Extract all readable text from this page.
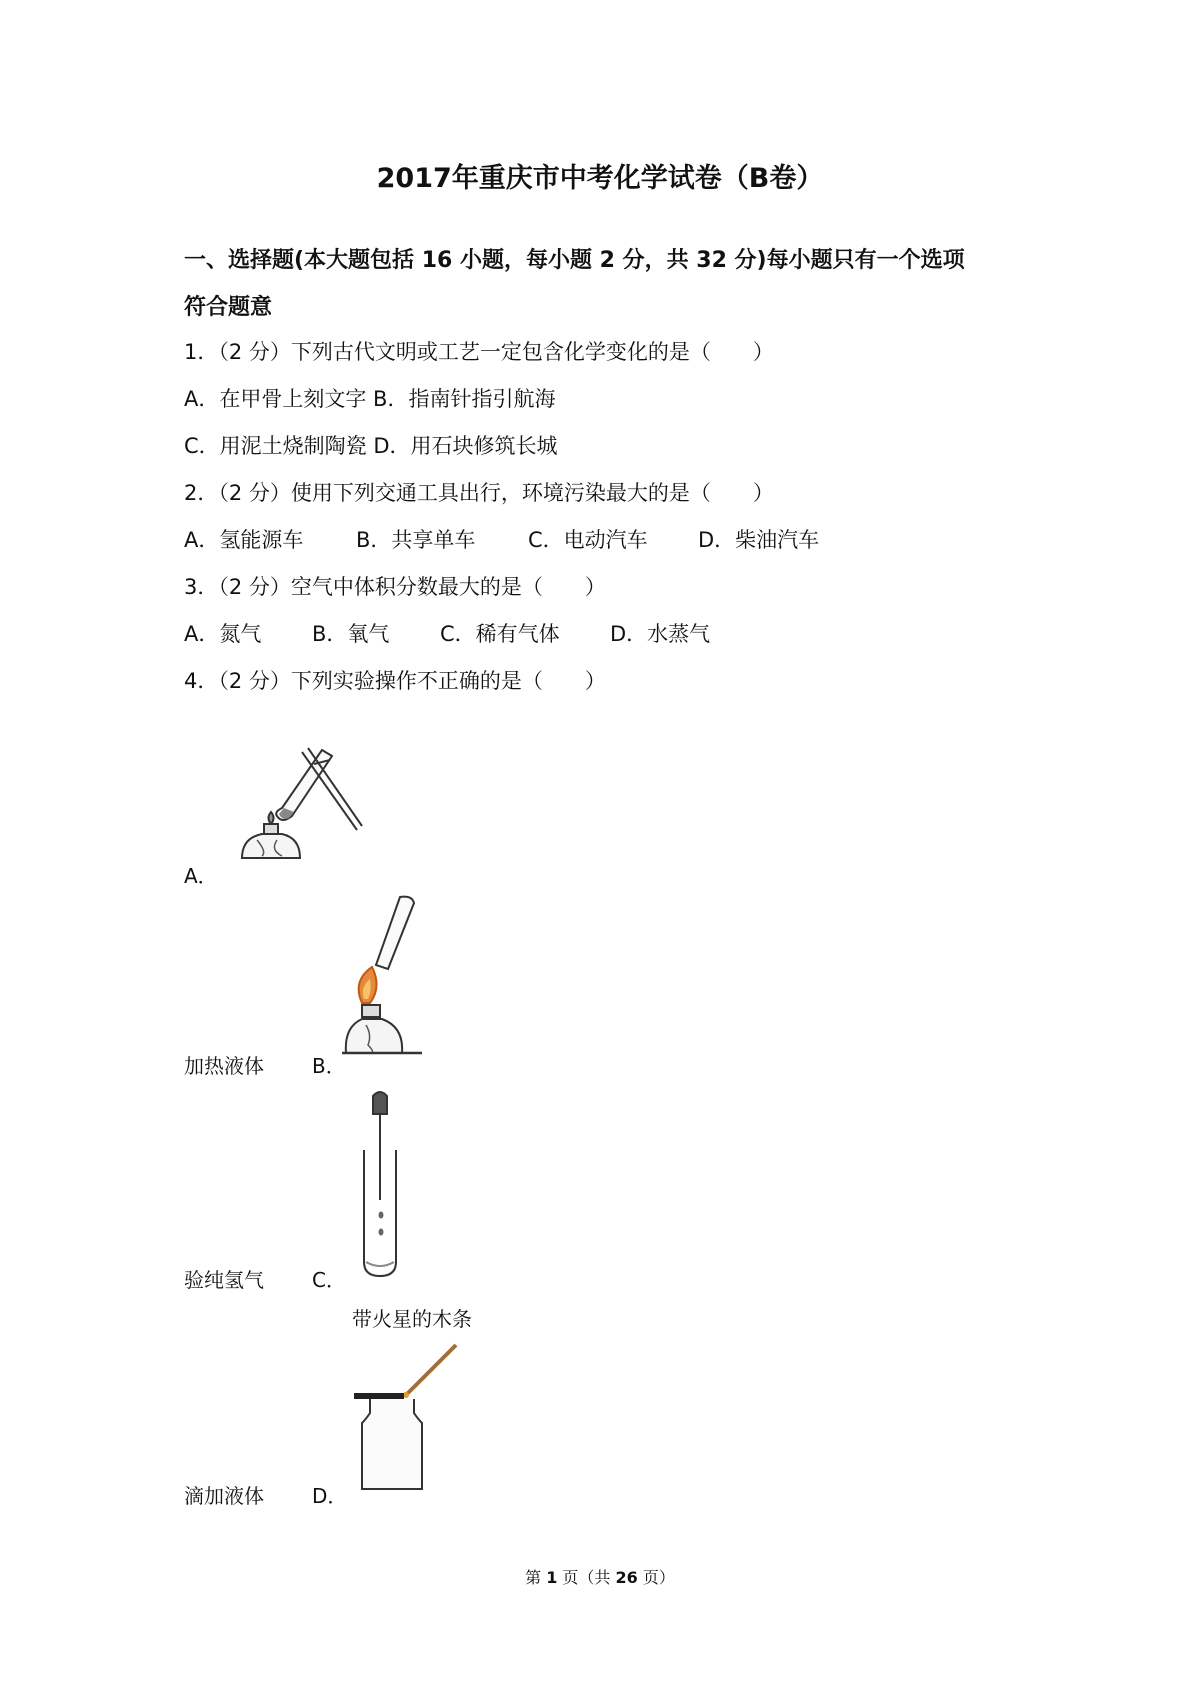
2017年重庆市中考化学试卷（B卷）
一、选择题(本大题包括 16 小题，每小题 2 分，共 32 分)每小题只有一个选项
符合题意
1．（2 分）下列古代文明或工艺一定包含化学变化的是（　　）
A．在甲骨上刻文字 B．指南针指引航海
C．用泥土烧制陶瓷 D．用石块修筑长城
2．（2 分）使用下列交通工具出行，环境污染最大的是（　　）
A．氢能源车	B．共享单车	C．电动汽车 D．柴油汽车
3．（2 分）空气中体积分数最大的是（　　）
A．氮气 B．氧气 C．稀有气体 D．水蒸气
4．（2 分）下列实验操作不正确的是（　　）
A．
加热液体 B．
验纯氢气 C．
带火星的木条
滴加液体 D．
第 1 页（共 26 页）
